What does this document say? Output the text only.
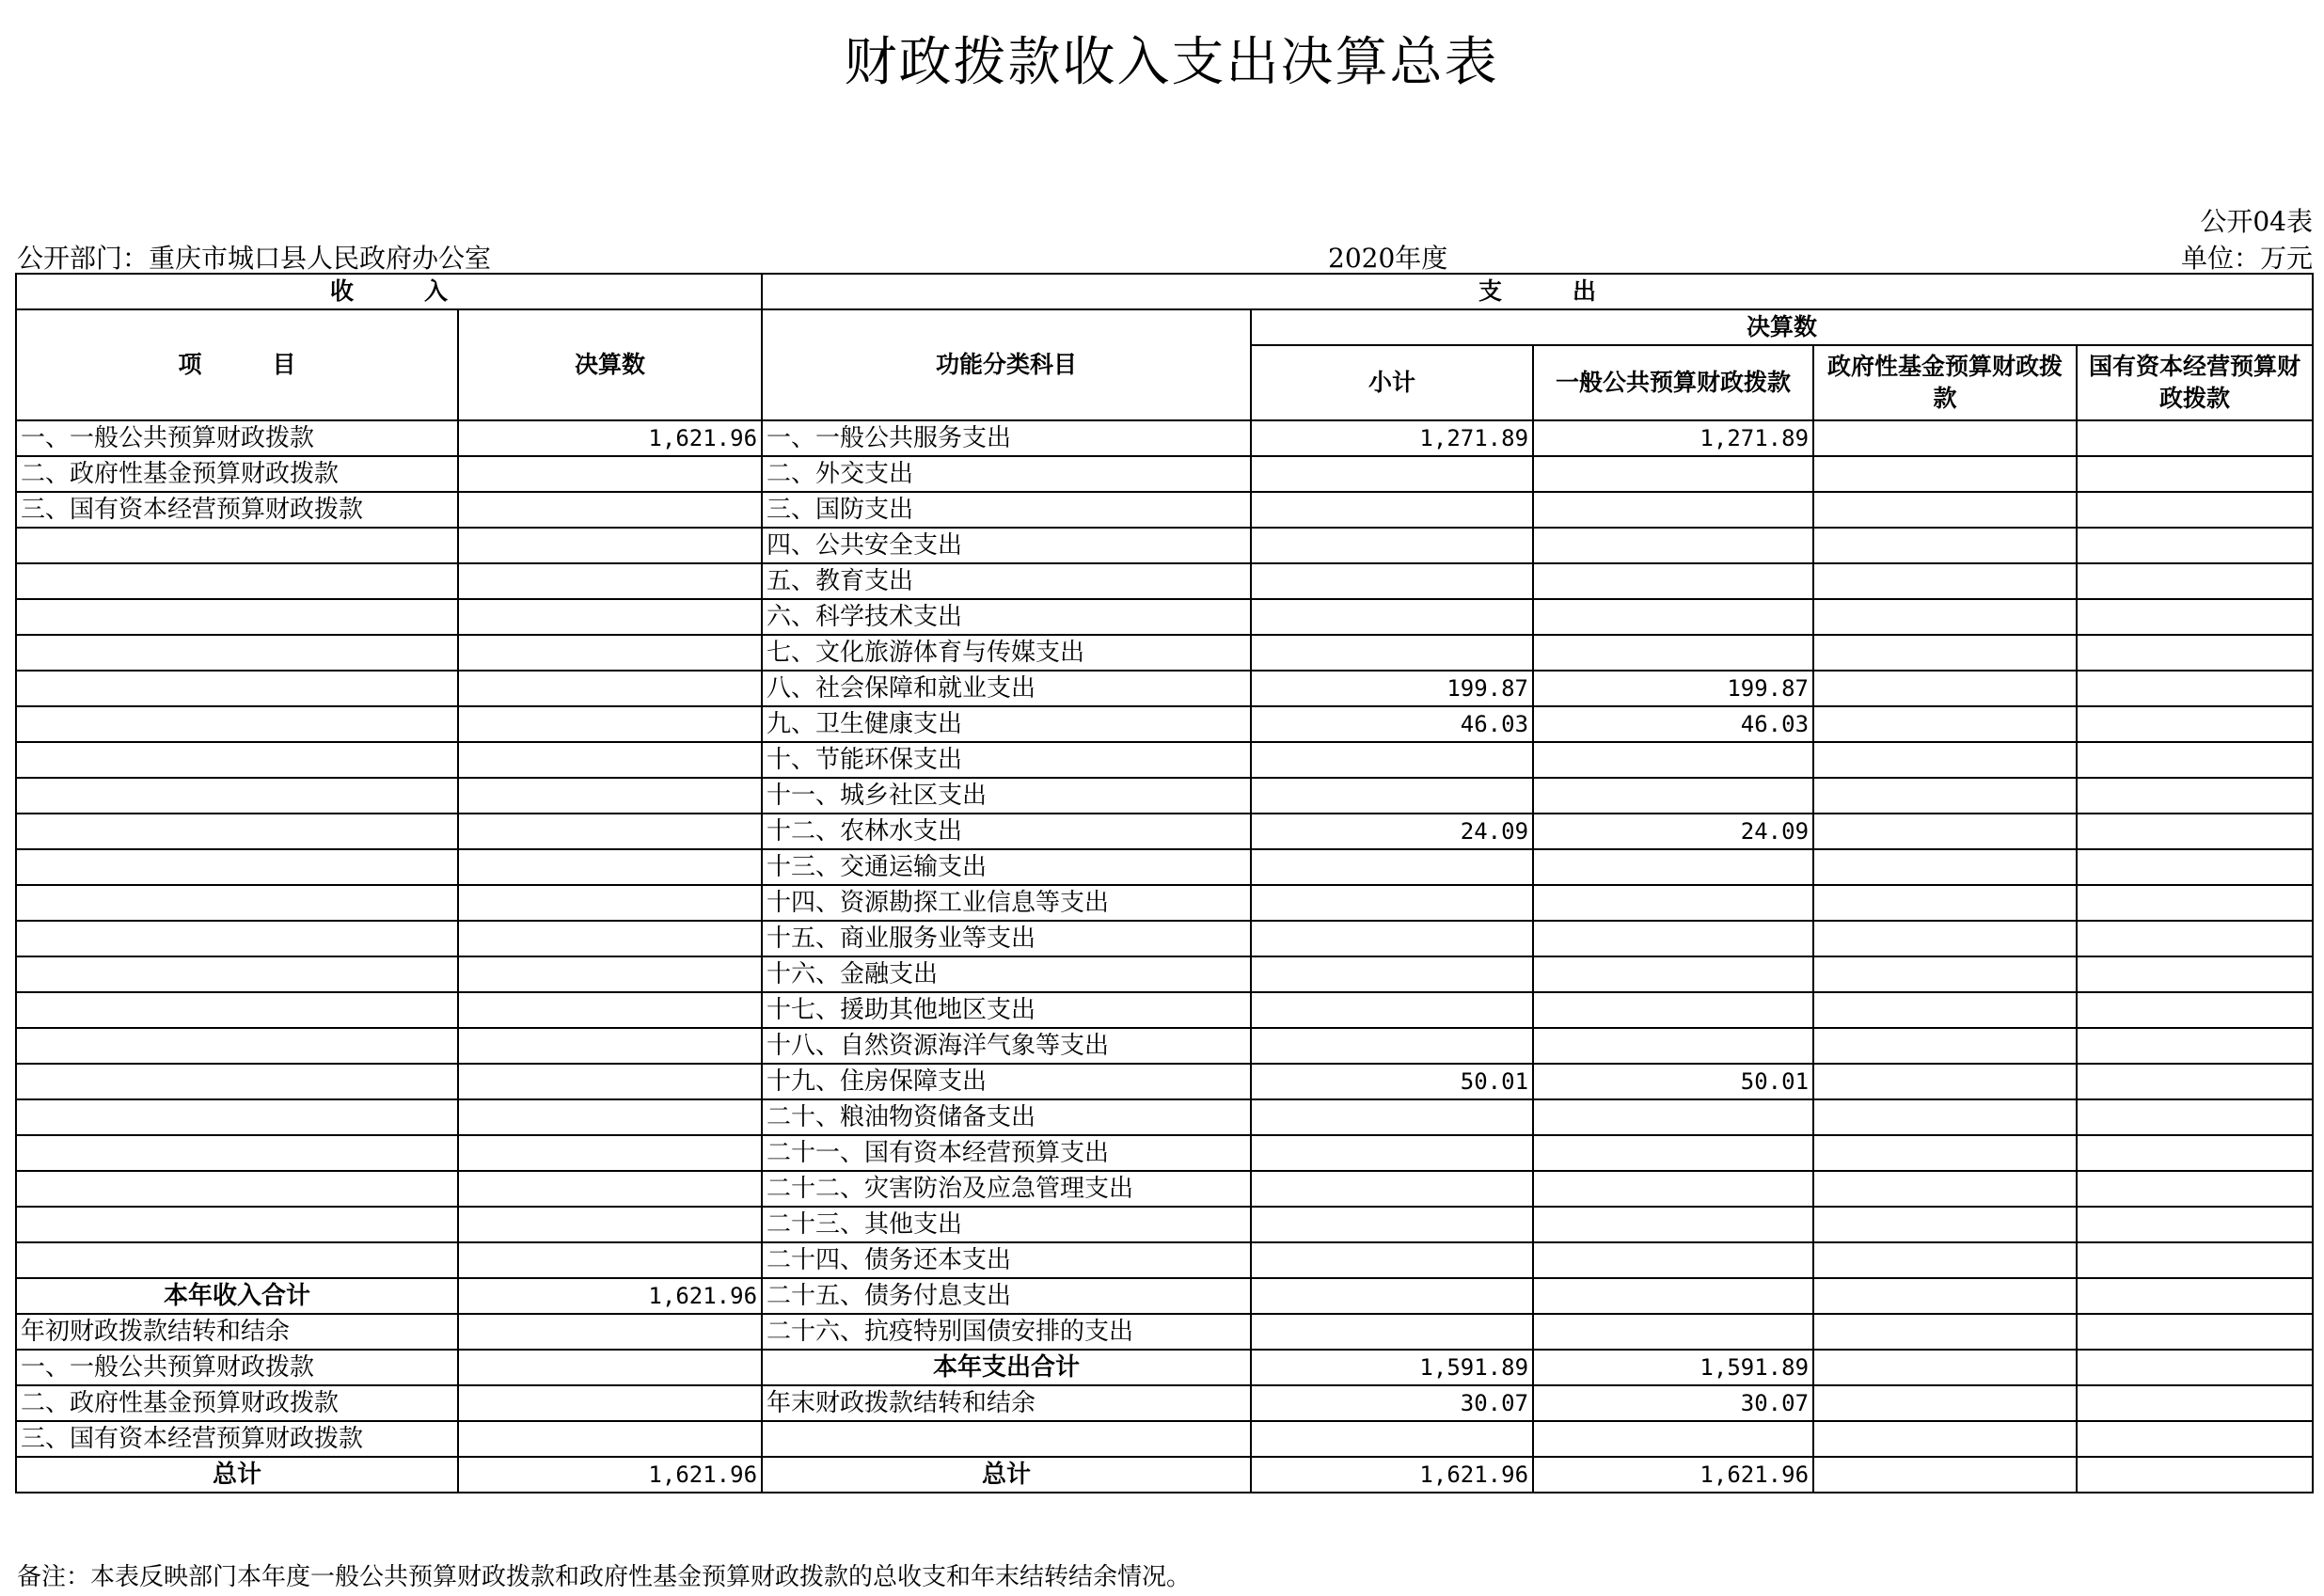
财政拨款收入支出决算总表
公开04表
公开部门：重庆市城口县人民政府办公室	2020年度	单位：万元
收　　　入		支　　　出				
项　　　目	决算数	功能分类科目	决算数			
			小计	一般公共预算财政拨款	政府性基金预算财政拨款	国有资本经营预算财政拨款
一、一般公共预算财政拨款	1,621.96	一、一般公共服务支出	1,271.89	1,271.89		
二、政府性基金预算财政拨款		二、外交支出				
三、国有资本经营预算财政拨款		三、国防支出				
		四、公共安全支出				
		五、教育支出				
		六、科学技术支出				
		七、文化旅游体育与传媒支出				
		八、社会保障和就业支出	199.87	199.87		
		九、卫生健康支出	46.03	46.03		
		十、节能环保支出				
		十一、城乡社区支出				
		十二、农林水支出	24.09	24.09		
		十三、交通运输支出				
		十四、资源勘探工业信息等支出				
		十五、商业服务业等支出				
		十六、金融支出				
		十七、援助其他地区支出				
		十八、自然资源海洋气象等支出				
		十九、住房保障支出	50.01	50.01		
		二十、粮油物资储备支出				
		二十一、国有资本经营预算支出				
		二十二、灾害防治及应急管理支出				
		二十三、其他支出				
		二十四、债务还本支出				
本年收入合计	1,621.96	二十五、债务付息支出				
年初财政拨款结转和结余		二十六、抗疫特别国债安排的支出				
一、一般公共预算财政拨款		本年支出合计	1,591.89	1,591.89		
二、政府性基金预算财政拨款		年末财政拨款结转和结余	30.07	30.07		
三、国有资本经营预算财政拨款						
总计	1,621.96	总计	1,621.96	1,621.96		
备注：本表反映部门本年度一般公共预算财政拨款和政府性基金预算财政拨款的总收支和年末结转结余情况。
